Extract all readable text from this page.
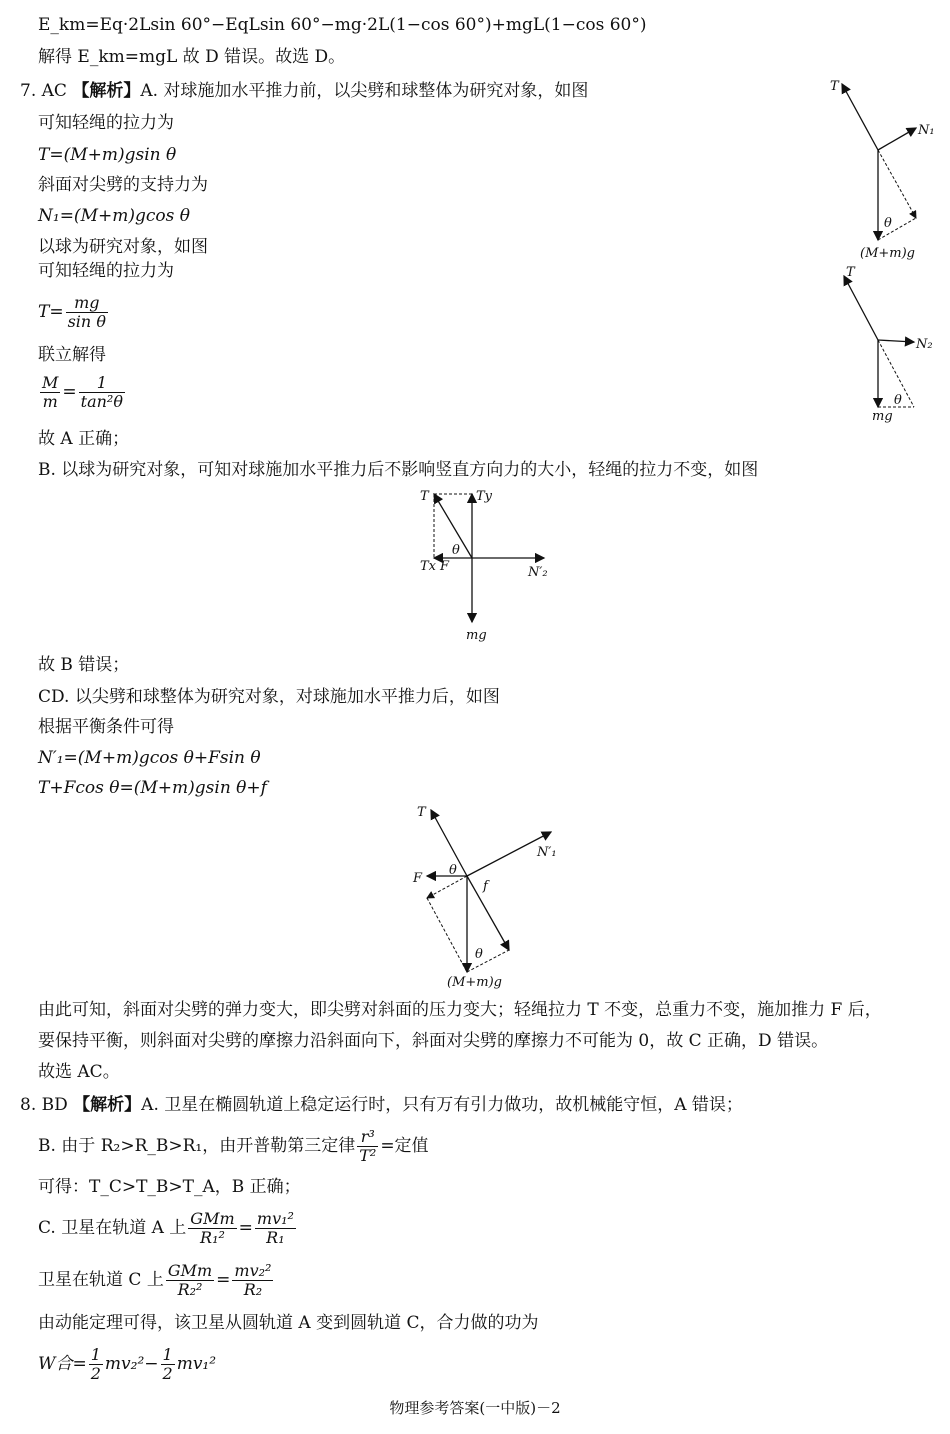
E_km=Eq·2Lsin 60°−EqLsin 60°−mg·2L(1−cos 60°)+mgL(1−cos 60°)
解得 E_km=mgL 故 D 错误。故选 D。
7. AC 【解析】A. 对球施加水平推力前，以尖劈和球整体为研究对象，如图
可知轻绳的拉力为
T=(M+m)gsin θ
斜面对尖劈的支持力为
N₁=(M+m)gcos θ
以球为研究对象，如图
可知轻绳的拉力为
$T= \frac{mg}{\text{sin θ}}$
联立解得
$\frac{M}{m} = \frac{1}{\text{tan²θ}}$
故 A 正确；
B. 以球为研究对象，可知对球施加水平推力后不影响竖直方向力的大小，轻绳的拉力不变，如图
故 B 错误；
CD. 以尖劈和球整体为研究对象，对球施加水平推力后，如图
根据平衡条件可得
N′₁=(M+m)gcos θ+Fsin θ
T+Fcos θ=(M+m)gsin θ+f
由此可知，斜面对尖劈的弹力变大，即尖劈对斜面的压力变大；轻绳拉力 T 不变，总重力不变，施加推力 F 后，
要保持平衡，则斜面对尖劈的摩擦力沿斜面向下，斜面对尖劈的摩擦力不可能为 0，故 C 正确，D 错误。
故选 AC。
T
N₁
θ
(M+m)g
T
N₂
θ
mg
T	Ty
Tx F	N′₂
θ
mg
T
F
N′₁
f
θ
θ
(M+m)g
8. BD 【解析】A. 卫星在椭圆轨道上稳定运行时，只有万有引力做功，故机械能守恒，A 错误；
B. 由于 R₂>R_B>R₁，由开普勒第三定律 $\frac{\text{r³}}{\text{T²}}$ =定值
可得：T_C>T_B>T_A，B 正确；
C. 卫星在轨道 A 上 $\frac{\text{GMm}}{\text{R₁²}} = \frac{\text{mv₁²}}{\text{R₁}}$
卫星在轨道 C 上 $\frac{\text{GMm}}{\text{R₂²}} = \frac{\text{mv₂²}}{\text{R₂}}$
由动能定理可得，该卫星从圆轨道 A 变到圆轨道 C，合力做的功为
W合= $\frac{1}{2} mv_2^2- \frac{1}{2} mv_1^2$
物理参考答案(一中版)－2
